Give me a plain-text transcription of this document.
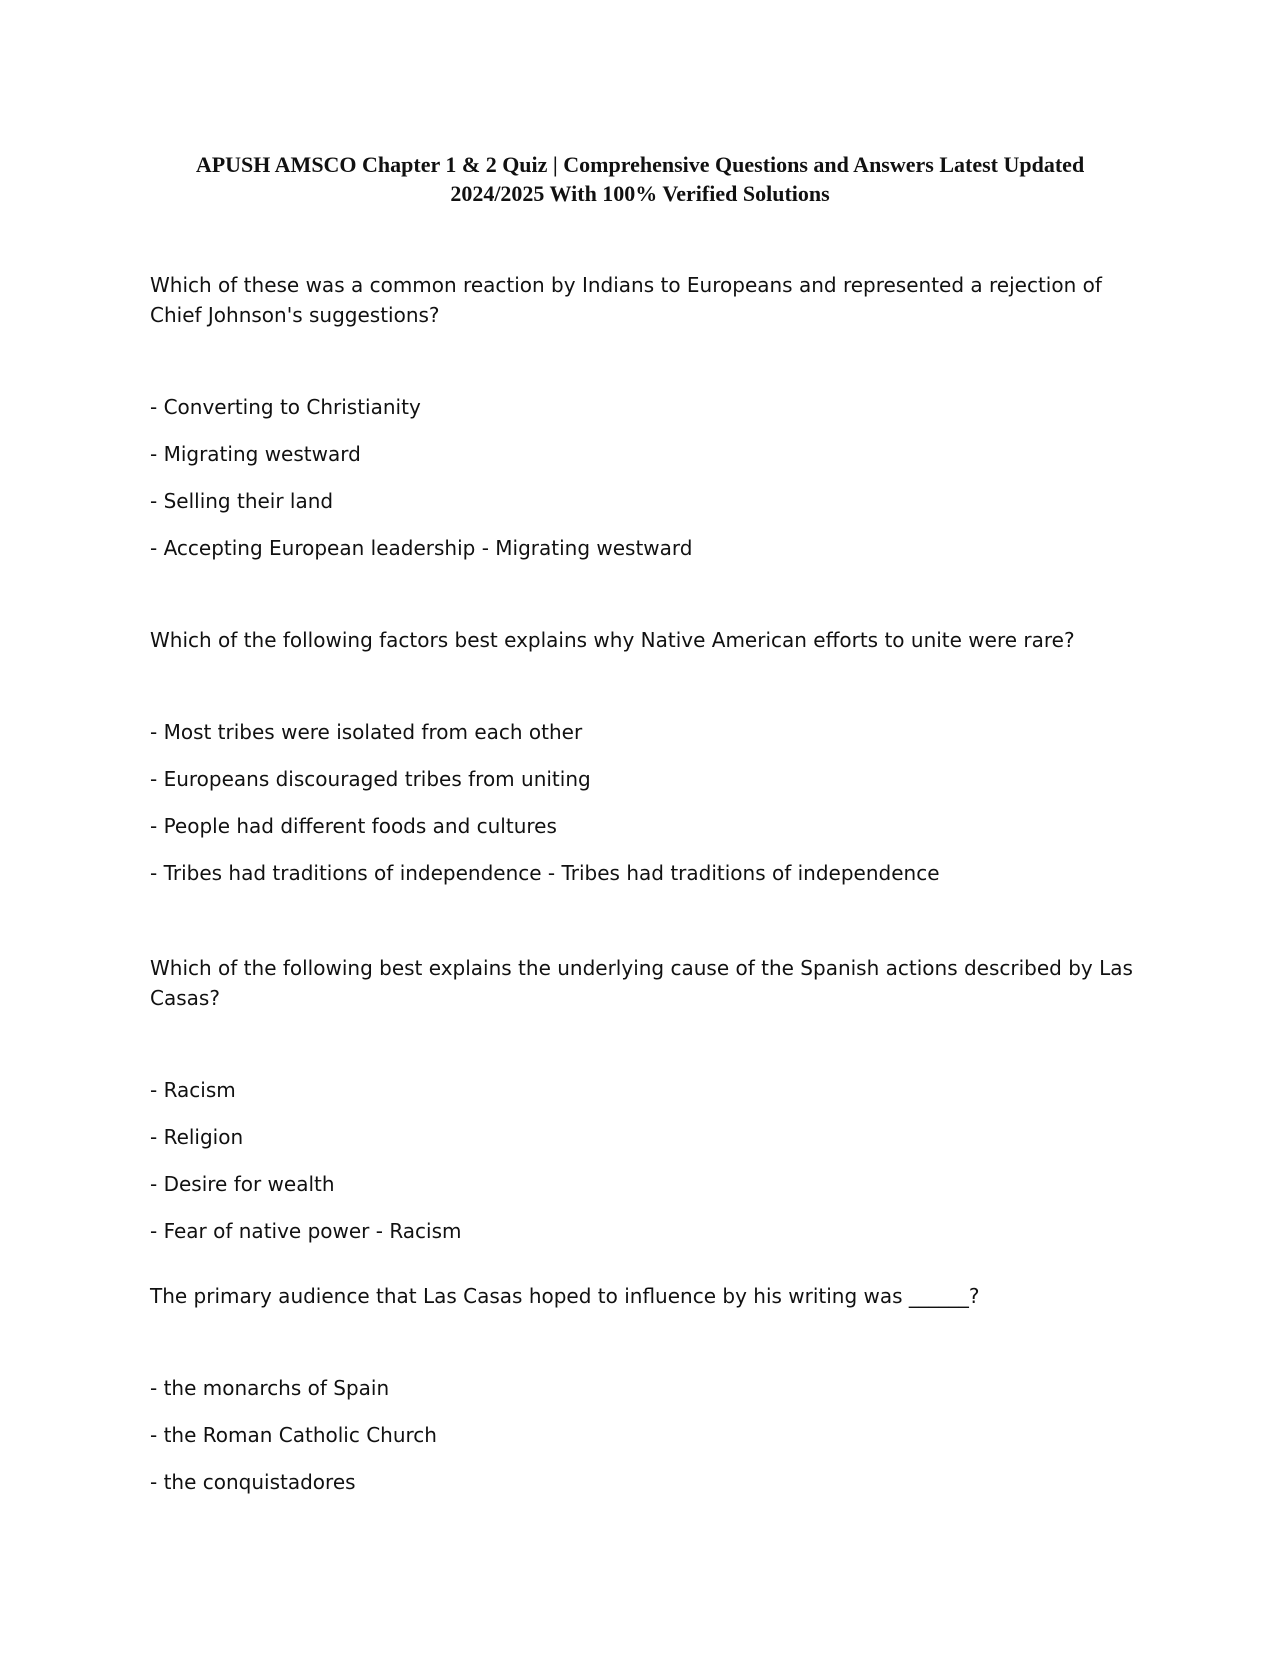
APUSH AMSCO Chapter 1 & 2 Quiz | Comprehensive Questions and Answers Latest Updated
2024/2025 With 100% Verified Solutions

Which of these was a common reaction by Indians to Europeans and represented a rejection of Chief Johnson's suggestions?

- Converting to Christianity
- Migrating westward
- Selling their land
- Accepting European leadership - Migrating westward

Which of the following factors best explains why Native American efforts to unite were rare?

- Most tribes were isolated from each other
- Europeans discouraged tribes from uniting
- People had different foods and cultures
- Tribes had traditions of independence - Tribes had traditions of independence

Which of the following best explains the underlying cause of the Spanish actions described by Las Casas?

- Racism
- Religion
- Desire for wealth
- Fear of native power - Racism

The primary audience that Las Casas hoped to influence by his writing was ______?

- the monarchs of Spain
- the Roman Catholic Church
- the conquistadores
